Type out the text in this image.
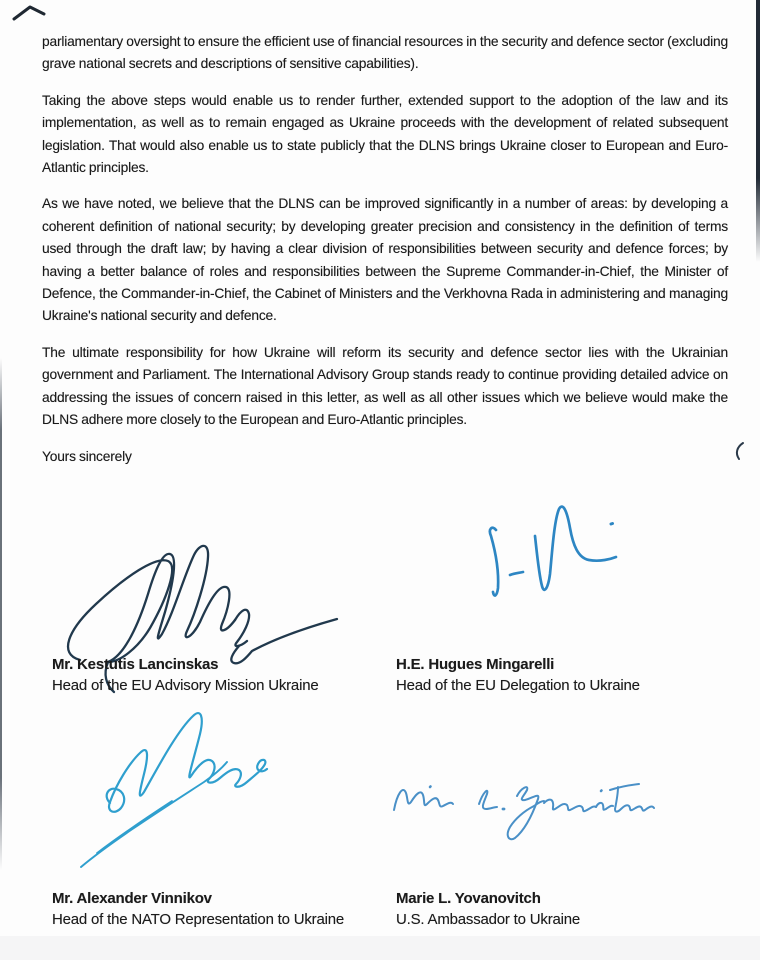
parliamentary oversight to ensure the efficient use of financial resources in the security and defence sector (excluding grave national secrets and descriptions of sensitive capabilities).

Taking the above steps would enable us to render further, extended support to the adoption of the law and its implementation, as well as to remain engaged as Ukraine proceeds with the development of related subsequent legislation. That would also enable us to state publicly that the DLNS brings Ukraine closer to European and Euro-Atlantic principles.

As we have noted, we believe that the DLNS can be improved significantly in a number of areas: by developing a coherent definition of national security; by developing greater precision and consistency in the definition of terms used through the draft law; by having a clear division of responsibilities between security and defence forces; by having a better balance of roles and responsibilities between the Supreme Commander-in-Chief, the Minister of Defence, the Commander-in-Chief, the Cabinet of Ministers and the Verkhovna Rada in administering and managing Ukraine's national security and defence.

The ultimate responsibility for how Ukraine will reform its security and defence sector lies with the Ukrainian government and Parliament. The International Advisory Group stands ready to continue providing detailed advice on addressing the issues of concern raised in this letter, as well as all other issues which we believe would make the DLNS adhere more closely to the European and Euro-Atlantic principles.

Yours sincerely

Mr. Kestutis Lancinskas
Head of the EU Advisory Mission Ukraine
H.E. Hugues Mingarelli
Head of the EU Delegation to Ukraine
Mr. Alexander Vinnikov
Head of the NATO Representation to Ukraine
Marie L. Yovanovitch
U.S. Ambassador to Ukraine
